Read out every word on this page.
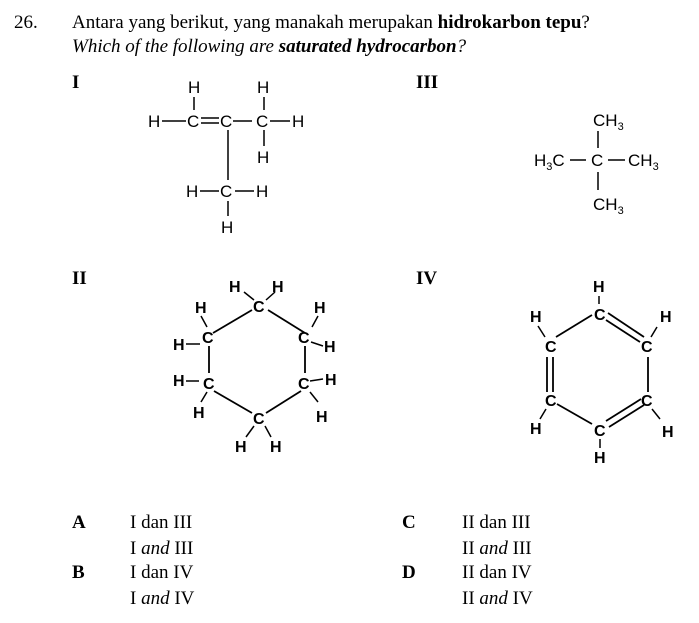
26. Antara yang berikut, yang manakah merupakan hidrokarbon tepu?
Which of the following are saturated hydrocarbon?
I	III
II	IV
H	H
H C C C H
H
H C H
H
$CH_3$
$H_3C$ C $CH_3$
$CH_3$
H H
C
H
H C
H
C
H
H C	C H
H	H
C
H H
H
C
H
C
H
C
C	C
H	H
C
H
A I dan III
I and III
B I dan IV
I and IV
C II dan III
II and III
D II dan IV
II and IV
